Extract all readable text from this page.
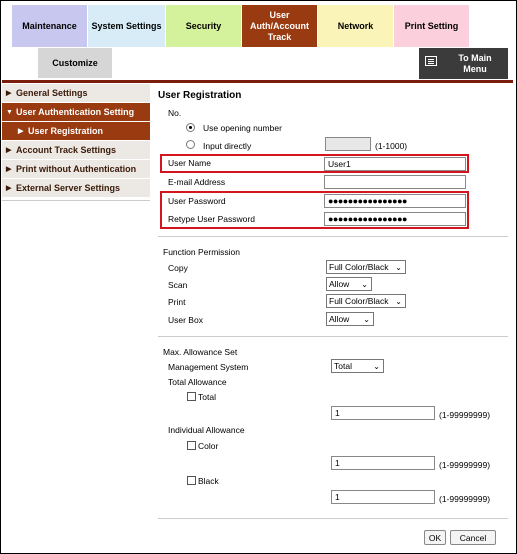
Maintenance System Settings	Security
User
Auth/Account
Track
Network	Print Setting
Customize	To Main
Menu
▶ General Settings
▼ User Authentication Setting
▶ User Registration
▶ Account Track Settings
▶ Print without Authentication
▶ External Server Settings
User Registration
No.
Use opening number
Input directly	(1-1000)
User Name	User1
E-mail Address
User Password	●●●●●●●●●●●●●●●●
Retype User Password	●●●●●●●●●●●●●●●●
Function Permission
Copy	Full Color/Black ⌄
Scan	Allow ⌄
Print	Full Color/Black ⌄
User Box	Allow ⌄
Max. Allowance Set
Management System	Total	⌄
Total Allowance
Total
1	(1-99999999)
Individual Allowance
Color
1	(1-99999999)
Black
1	(1-99999999)
OK	Cancel
